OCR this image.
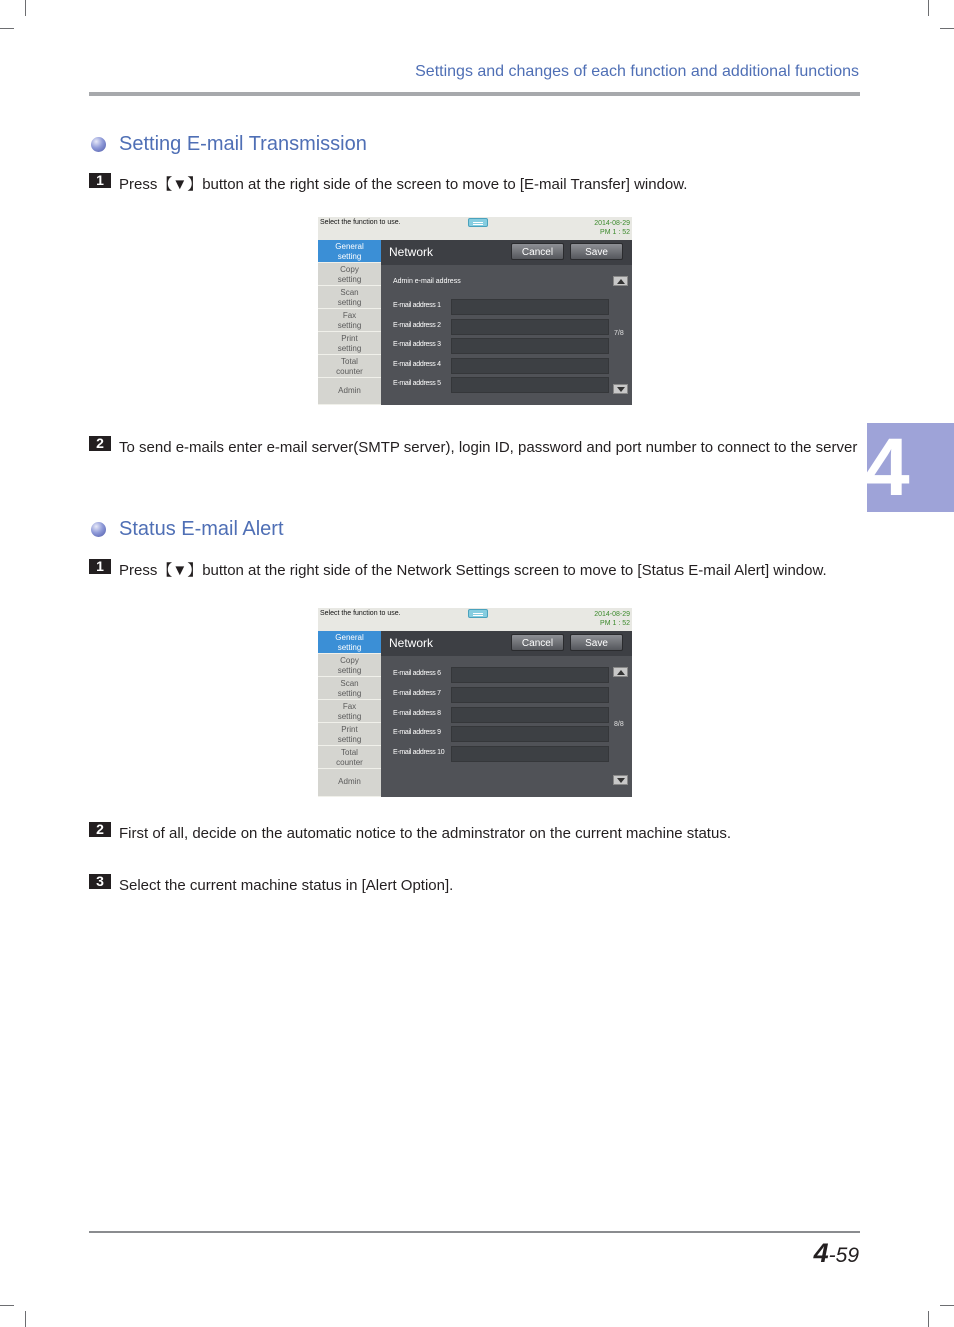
Settings and changes of each function and additional functions
4
Setting E-mail Transmission
1	Press【▼】button at the right side of the screen to move to [E-mail Transfer] window.
Select the function to use.	2014-08-29
PM 1 : 52
General
setting
Copy
setting
Scan
setting
Fax
setting
Print
setting
Total
counter
Admin
Network	Cancel	Save
Admin e-mail address
E-mail address 1
E-mail address 2
E-mail address 3
E-mail address 4
E-mail address 5
7/8
2	To send e-mails enter e-mail server(SMTP server), login ID, password and port number to connect to the server
Status E-mail Alert
1	Press【▼】button at the right side of the Network Settings screen to move to [Status E-mail Alert] window.
Select the function to use.	2014-08-29
PM 1 : 52
General
setting
Copy
setting
Scan
setting
Fax
setting
Print
setting
Total
counter
Admin
Network	Cancel	Save
E-mail address 6
E-mail address 7
E-mail address 8
E-mail address 9
E-mail address 10
8/8
2	First of all, decide on the automatic notice to the adminstrator on the current machine status.
3	Select the current machine status in [Alert Option].
4-59
